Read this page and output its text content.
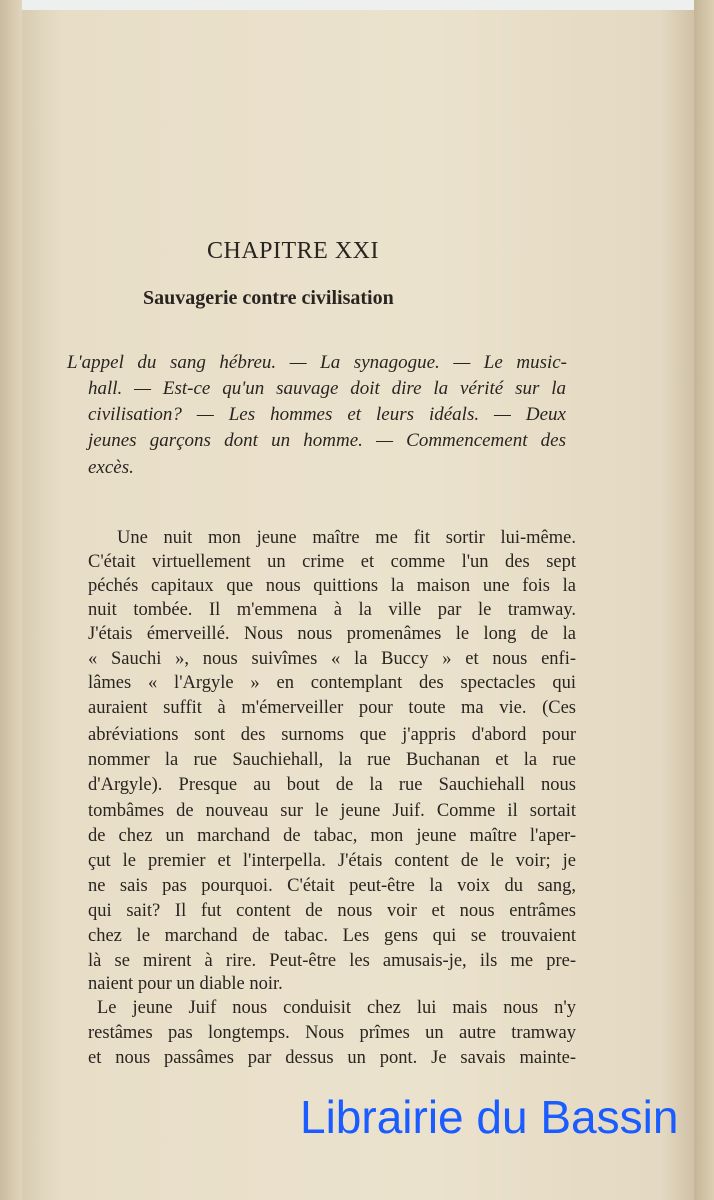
CHAPITRE XXI
Sauvagerie contre civilisation
L'appel du sang hébreu. — La synagogue. — Le music-
hall. — Est-ce qu'un sauvage doit dire la vérité sur la
civilisation? — Les hommes et leurs idéals. — Deux
jeunes garçons dont un homme. — Commencement des
excès.
Une nuit mon jeune maître me fit sortir lui-même.
C'était virtuellement un crime et comme l'un des sept
péchés capitaux que nous quittions la maison une fois la
nuit tombée. Il m'emmena à la ville par le tramway.
J'étais émerveillé. Nous nous promenâmes le long de la
« Sauchi », nous suivîmes « la Buccy » et nous enfi-
lâmes « l'Argyle » en contemplant des spectacles qui
auraient suffit à m'émerveiller pour toute ma vie. (Ces
abréviations sont des surnoms que j'appris d'abord pour
nommer la rue Sauchiehall, la rue Buchanan et la rue
d'Argyle). Presque au bout de la rue Sauchiehall nous
tombâmes de nouveau sur le jeune Juif. Comme il sortait
de chez un marchand de tabac, mon jeune maître l'aper-
çut le premier et l'interpella. J'étais content de le voir; je
ne sais pas pourquoi. C'était peut-être la voix du sang,
qui sait? Il fut content de nous voir et nous entrâmes
chez le marchand de tabac. Les gens qui se trouvaient
là se mirent à rire. Peut-être les amusais-je, ils me pre-
naient pour un diable noir.
Le jeune Juif nous conduisit chez lui mais nous n'y
restâmes pas longtemps. Nous prîmes un autre tramway
et nous passâmes par dessus un pont. Je savais mainte-
Librairie du Bassin
